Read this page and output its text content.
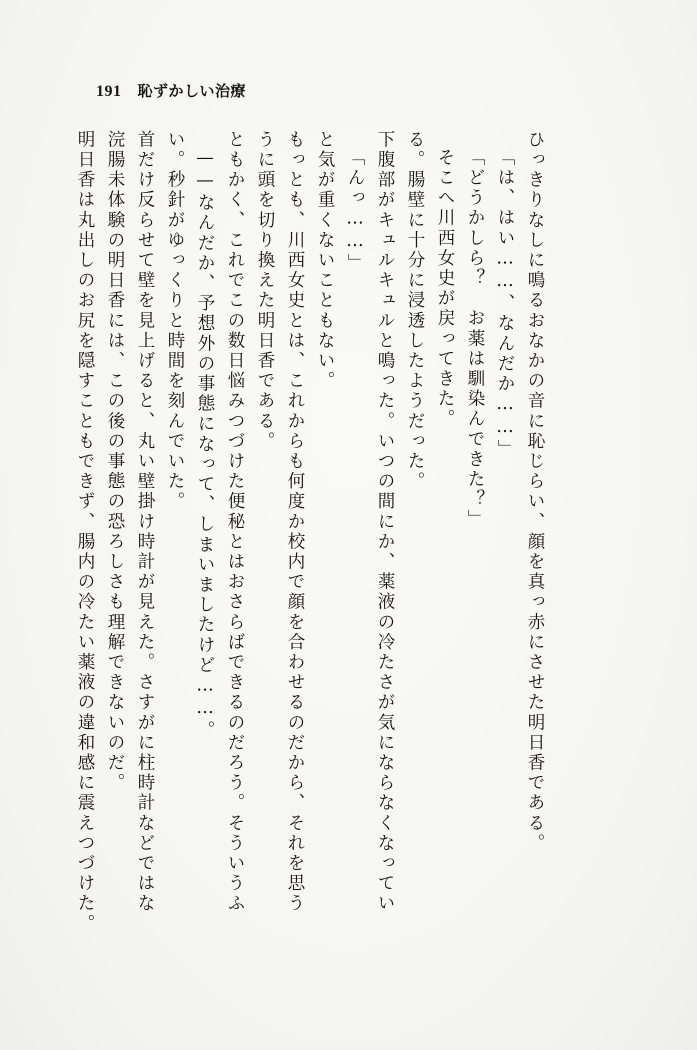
191 恥ずかしい治療
明日香は丸出しのお尻を隠すこともできず、腸内の冷たい薬液の違和感に震えつづけた。 浣腸未体験の明日香には、この後の事態の恐ろしさも理解できないのだ。 首だけ反らせて壁を見上げると、丸い壁掛け時計が見えた。さすがに柱時計などではな い。秒針がゆっくりと時間を刻んでいた。 ——なんだか、予想外の事態になって、しまいましたけど……。 ともかく、これでこの数日悩みつづけた便秘とはおさらばできるのだろう。そういうふ うに頭を切り換えた明日香である。 もっとも、川西女史とは、これからも何度か校内で顔を合わせるのだから、それを思う と気が重くないこともない。 「んっ……」 下腹部がキュルキュルと鳴った。いつの間にか、薬液の冷たさが気にならなくなってい る。腸壁に十分に浸透したようだった。 そこへ川西女史が戻ってきた。 「どうかしら？　お薬は馴染んできた？」 「は、はい……、なんだか……」 ひっきりなしに鳴るおなかの音に恥じらい、顔を真っ赤にさせた明日香である。
